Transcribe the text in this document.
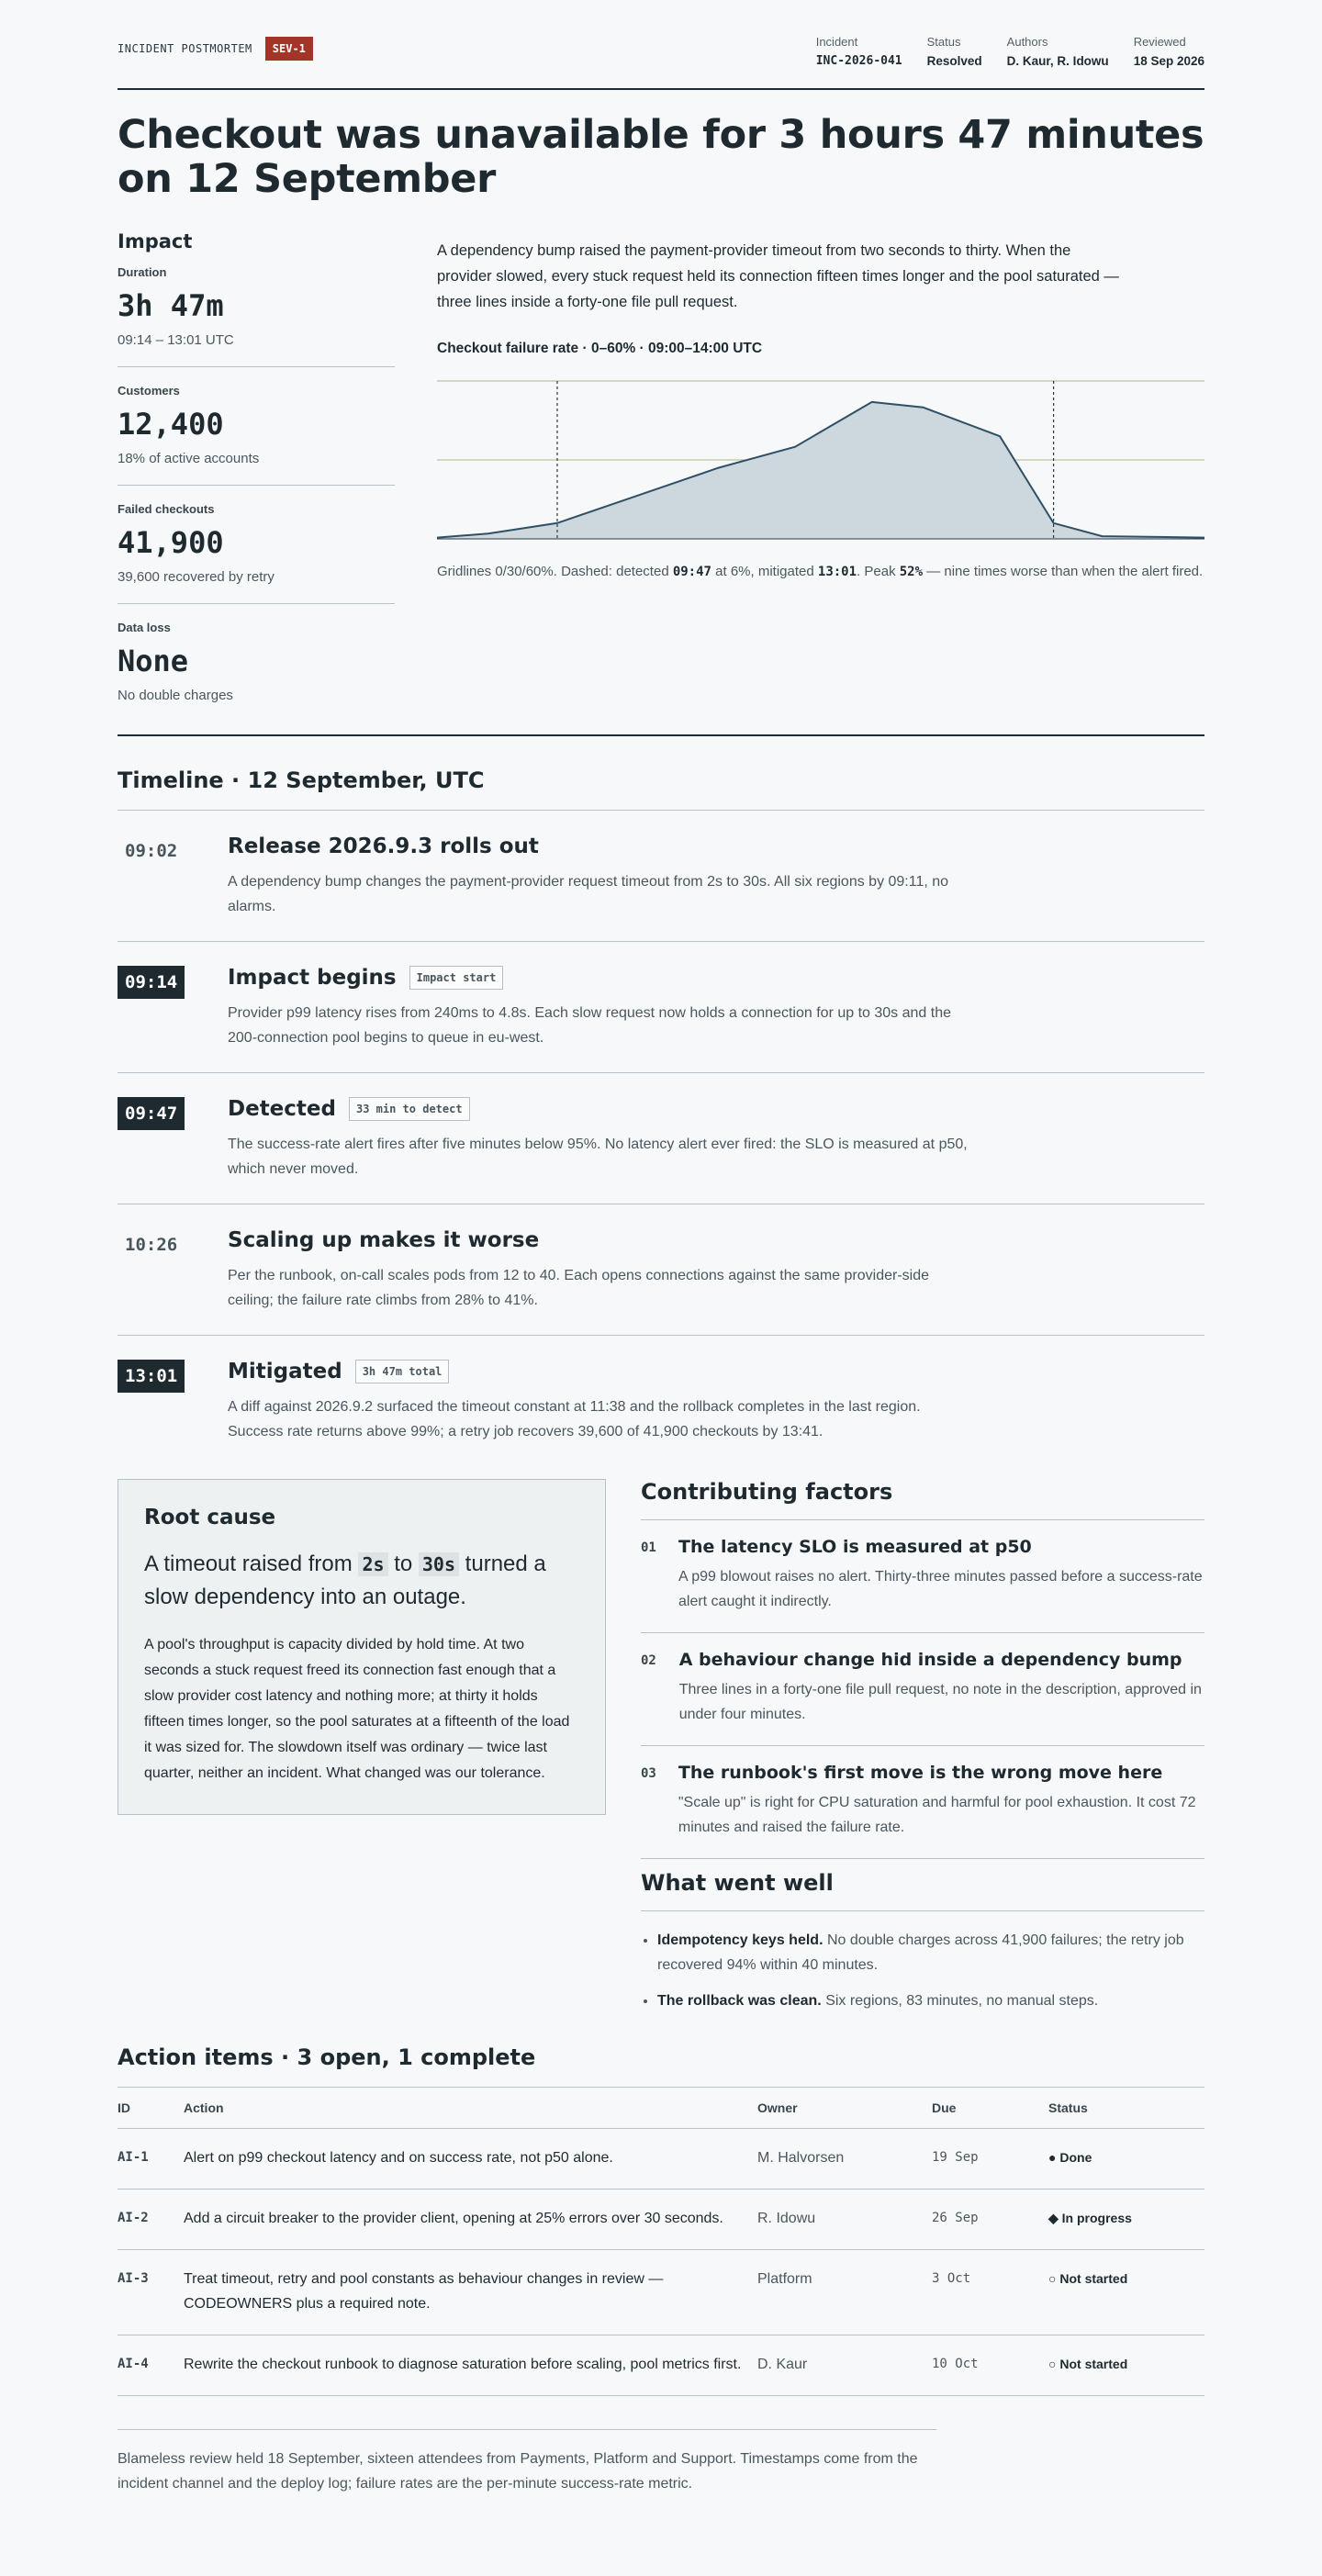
INCIDENT POSTMORTEM	SEV-1	Incident
INC-2026-041
Status
Resolved
Authors
D. Kaur, R. Idowu
Reviewed
18 Sep 2026
Checkout was unavailable for 3 hours 47 minutes on 12 September
Impact
Duration
3h 47m
09:14 – 13:01 UTC
Customers
12,400
18% of active accounts
Failed checkouts
41,900
39,600 recovered by retry
Data loss
None
No double charges

A dependency bump raised the payment-provider timeout from two seconds to thirty. When the provider slowed, every stuck request held its connection fifteen times longer and the pool saturated — three lines inside a forty-one file pull request.

Checkout failure rate · 0–60% · 09:00–14:00 UTC

Gridlines 0/30/60%. Dashed: detected 09:47 at 6%, mitigated 13:01. Peak 52% — nine times worse than when the alert fired.

Timeline · 12 September, UTC
09:02	Release 2026.9.3 rolls out
A dependency bump changes the payment-provider request timeout from 2s to 30s. All six regions by 09:11, no alarms.
09:14	Impact begins	Impact start
Provider p99 latency rises from 240ms to 4.8s. Each slow request now holds a connection for up to 30s and the 200-connection pool begins to queue in eu-west.
09:47	Detected	33 min to detect
The success-rate alert fires after five minutes below 95%. No latency alert ever fired: the SLO is measured at p50, which never moved.
10:26	Scaling up makes it worse
Per the runbook, on-call scales pods from 12 to 40. Each opens connections against the same provider-side ceiling; the failure rate climbs from 28% to 41%.
13:01	Mitigated	3h 47m total
A diff against 2026.9.2 surfaced the timeout constant at 11:38 and the rollback completes in the last region. Success rate returns above 99%; a retry job recovers 39,600 of 41,900 checkouts by 13:41.
Root cause
A timeout raised from 2s to 30s turned a slow dependency into an outage.

A pool's throughput is capacity divided by hold time. At two seconds a stuck request freed its connection fast enough that a slow provider cost latency and nothing more; at thirty it holds fifteen times longer, so the pool saturates at a fifteenth of the load it was sized for. The slowdown itself was ordinary — twice last quarter, neither an incident. What changed was our tolerance.

Contributing factors
01 The latency SLO is measured at p50
A p99 blowout raises no alert. Thirty-three minutes passed before a success-rate alert caught it indirectly.
02 A behaviour change hid inside a dependency bump
Three lines in a forty-one file pull request, no note in the description, approved in under four minutes.
03 The runbook's first move is the wrong move here
"Scale up" is right for CPU saturation and harmful for pool exhaustion. It cost 72 minutes and raised the failure rate.
What went well
• Idempotency keys held. No double charges across 41,900 failures; the retry job recovered 94% within 40 minutes.
• The rollback was clean. Six regions, 83 minutes, no manual steps.
Action items · 3 open, 1 complete
ID	Action	Owner	Due	Status
AI-1	Alert on p99 checkout latency and on success rate, not p50 alone.	M. Halvorsen	19 Sep	● Done
AI-2	Add a circuit breaker to the provider client, opening at 25% errors over 30 seconds.	R. Idowu	26 Sep	◆ In progress
AI-3	Treat timeout, retry and pool constants as behaviour changes in review — CODEOWNERS plus a required note.	Platform	3 Oct	○ Not started
AI-4	Rewrite the checkout runbook to diagnose saturation before scaling, pool metrics first.	D. Kaur	10 Oct	○ Not started

Blameless review held 18 September, sixteen attendees from Payments, Platform and Support. Timestamps come from the incident channel and the deploy log; failure rates are the per-minute success-rate metric.
